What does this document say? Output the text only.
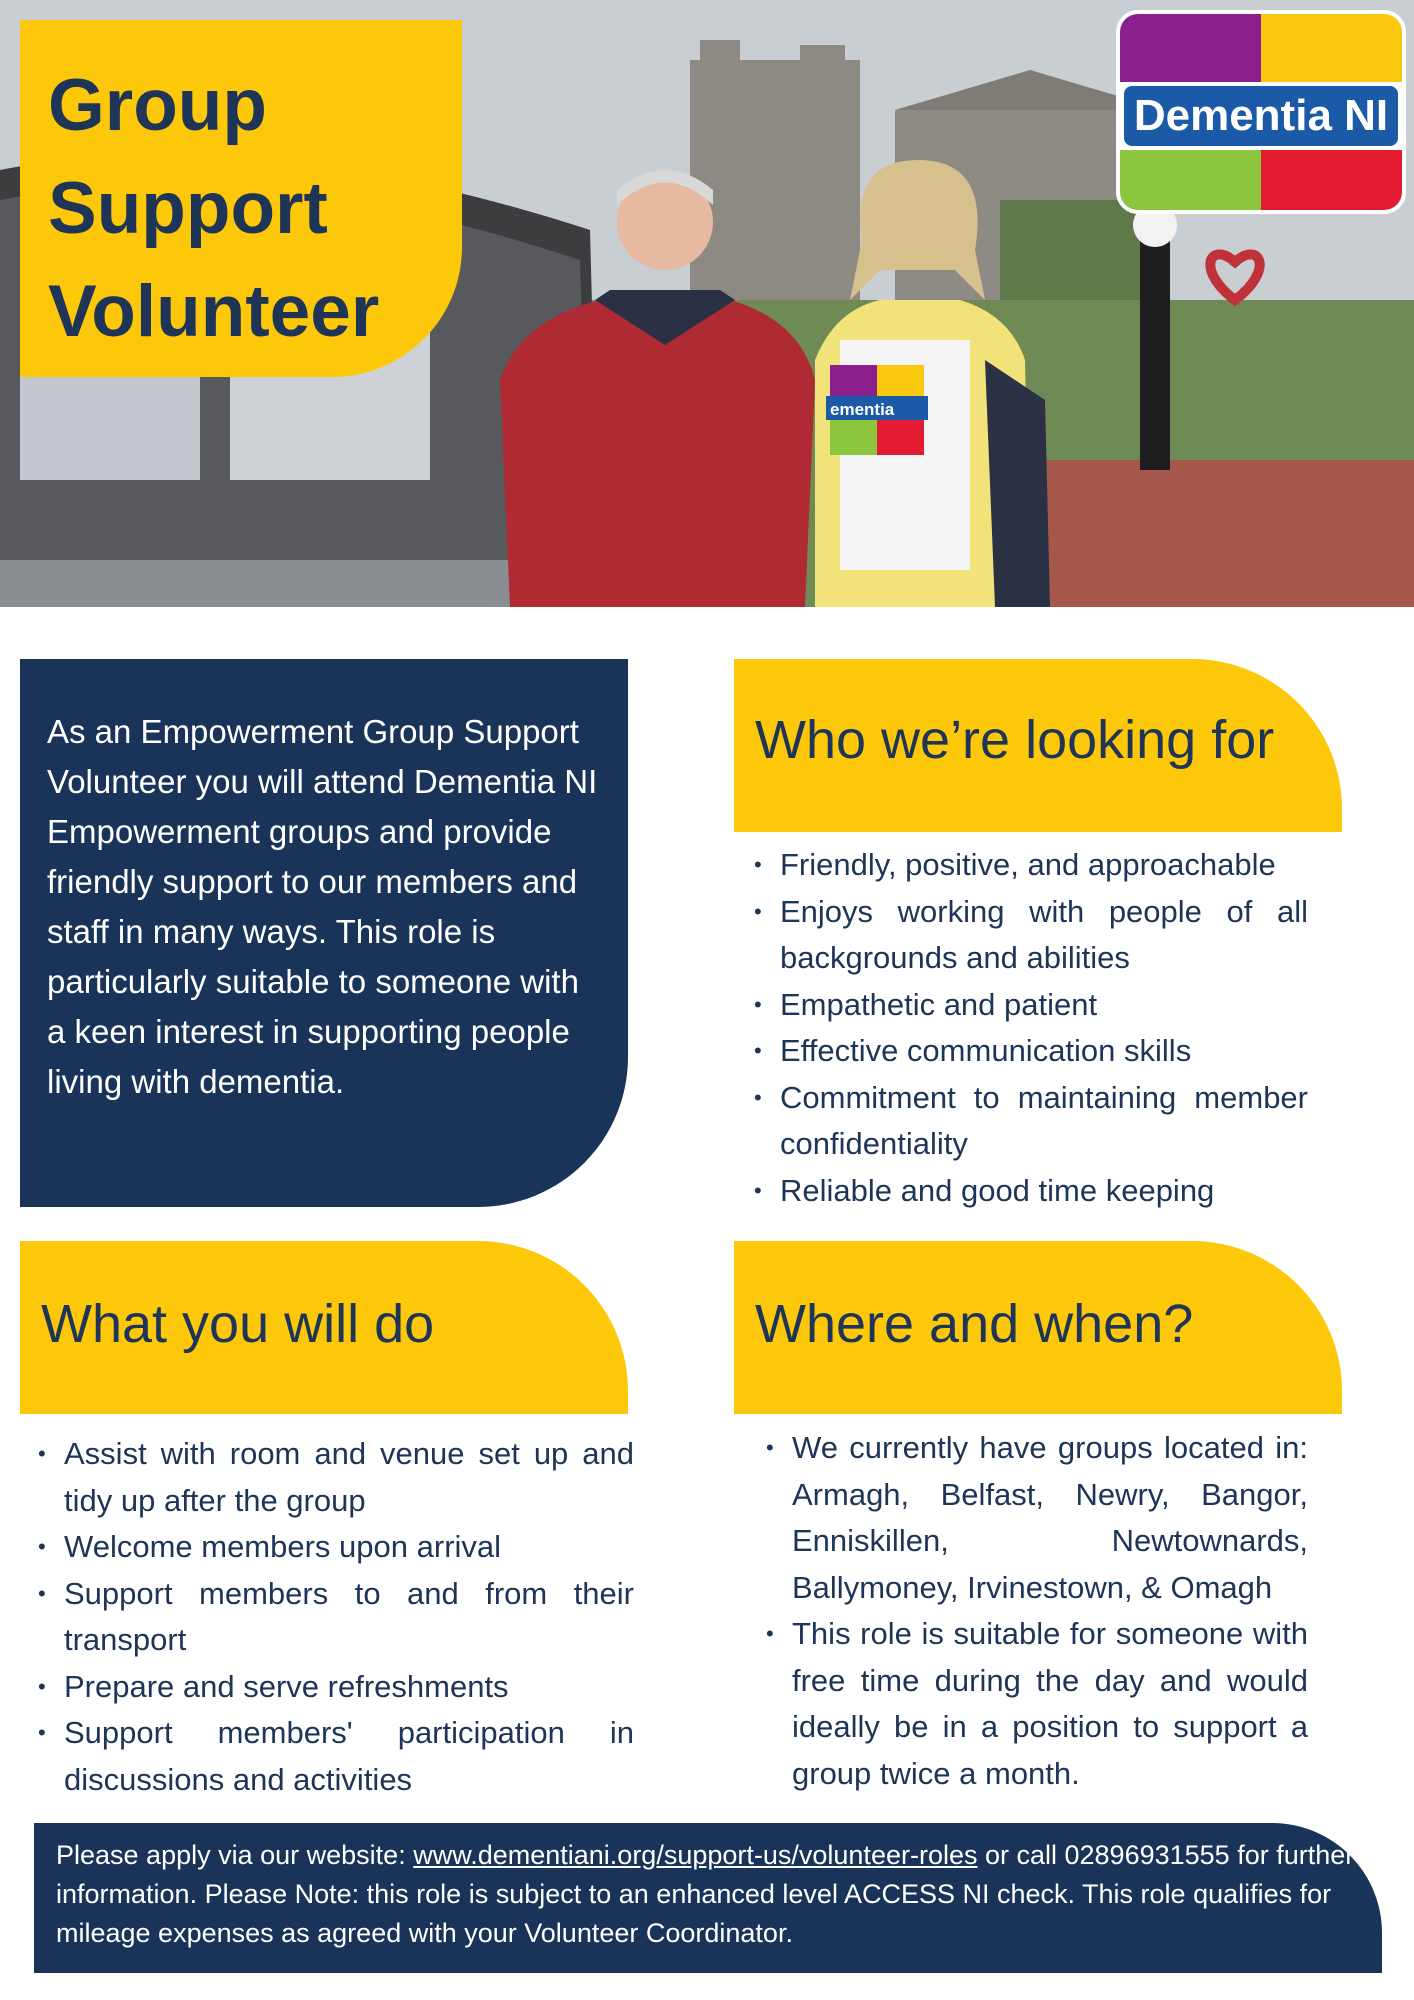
ementia
Group
Support
Volunteer
Dementia NI

As an Empowerment Group Support Volunteer you will attend Dementia NI Empowerment groups and provide friendly support to our members and staff in many ways. This role is particularly suitable to someone with a keen interest in supporting people living with dementia.

Who we’re looking for
• Friendly, positive, and approachable
• Enjoys working with people of all backgrounds and abilities
• Empathetic and patient
• Effective communication skills
• Commitment to maintaining member confidentiality
• Reliable and good time keeping
What you will do
• Assist with room and venue set up and tidy up after the group
• Welcome members upon arrival
• Support members to and from their transport
• Prepare and serve refreshments
• Support members' participation in discussions and activities
Where and when?
• We currently have groups located in: Armagh, Belfast, Newry, Bangor, Enniskillen, Newtownards, Ballymoney, Irvinestown, & Omagh
• This role is suitable for someone with free time during the day and would ideally be in a position to support a group twice a month.

Please apply via our website: www.dementiani.org/support-us/volunteer-roles or call 02896931555 for further information. Please Note: this role is subject to an enhanced level ACCESS NI check. This role qualifies for mileage expenses as agreed with your Volunteer Coordinator.
